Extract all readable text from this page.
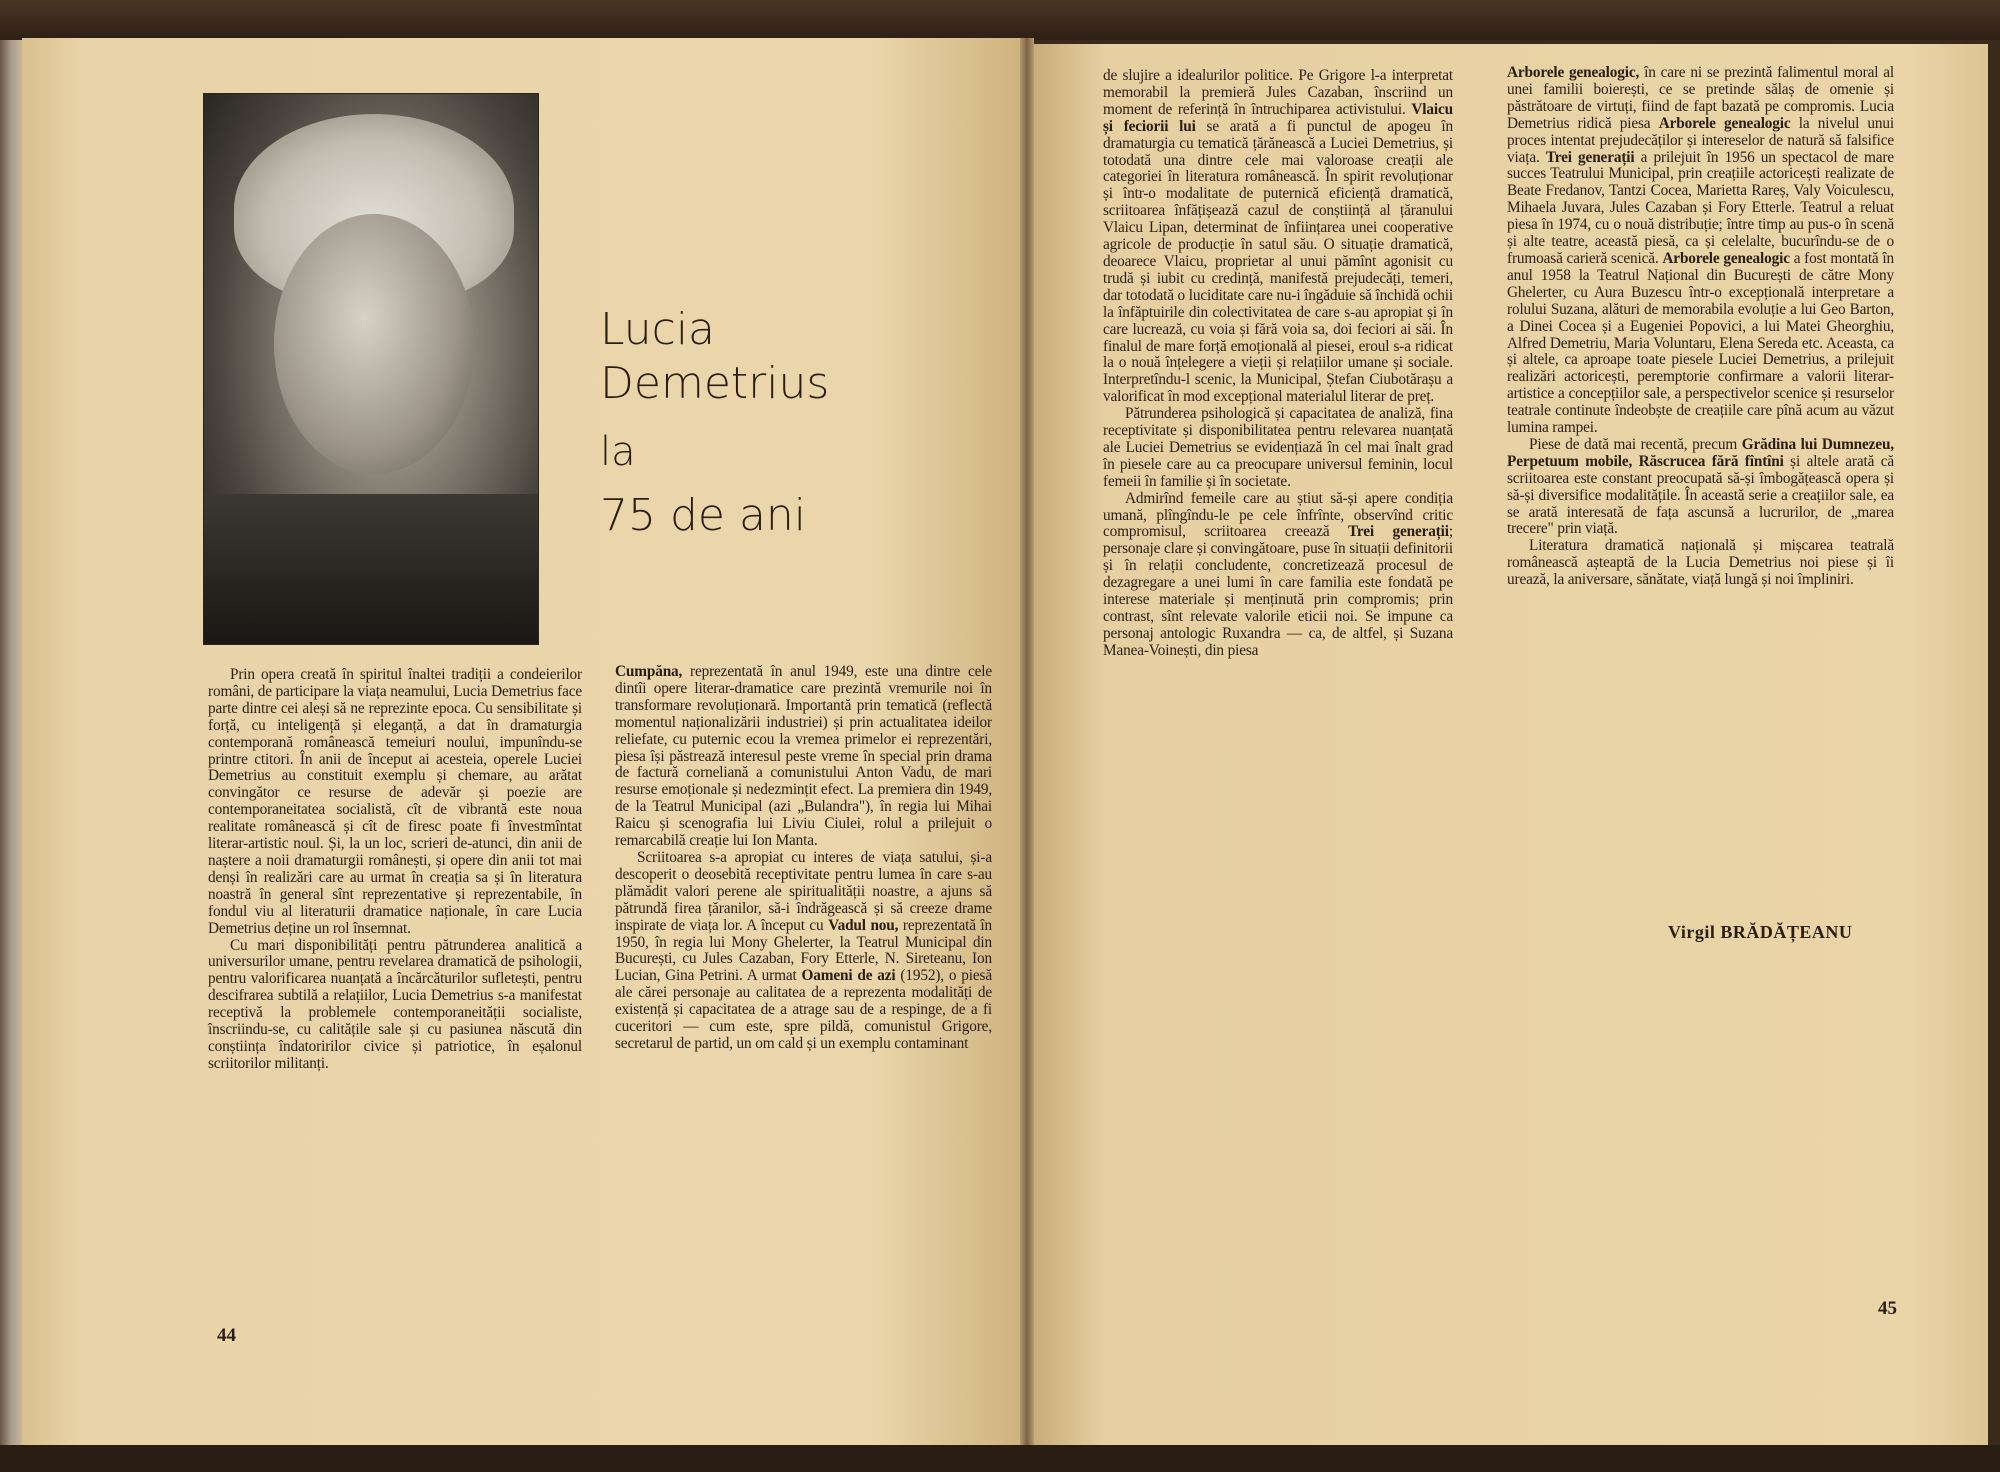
Lucia
Demetrius
la
75 de ani

Prin opera creată în spiritul înaltei tradiții a condeierilor români, de participare la viața neamului, Lucia Demetrius face parte dintre cei aleși să ne reprezinte epoca. Cu sensibilitate și forță, cu inteligență și eleganță, a dat în dramaturgia contemporană românească temeiuri noului, impunîndu-se printre ctitori. În anii de început ai acesteia, operele Luciei Demetrius au constituit exemplu și chemare, au arătat convingător ce resurse de adevăr și poezie are contemporaneitatea socialistă, cît de vibrantă este noua realitate românească și cît de firesc poate fi învestmîntat literar-artistic noul. Și, la un loc, scrieri de-atunci, din anii de naștere a noii dramaturgii românești, și opere din anii tot mai denși în realizări care au urmat în creația sa și în literatura noastră în general sînt reprezentative și reprezentabile, în fondul viu al literaturii dramatice naționale, în care Lucia Demetrius deține un rol însemnat.

Cu mari disponibilități pentru pătrunderea analitică a universurilor umane, pentru revelarea dramatică de psihologii, pentru valorificarea nuanțată a încărcăturilor sufletești, pentru descifrarea subtilă a relațiilor, Lucia Demetrius s-a manifestat receptivă la problemele contemporaneității socialiste, înscriindu-se, cu calitățile sale și cu pasiunea născută din conștiința îndatoririlor civice și patriotice, în eșalonul scriitorilor militanți.

Cumpăna, reprezentată în anul 1949, este una dintre cele dintîi opere literar-dramatice care prezintă vremurile noi în transformare revoluționară. Importantă prin tematică (reflectă momentul naționalizării industriei) și prin actualitatea ideilor reliefate, cu puternic ecou la vremea primelor ei reprezentări, piesa își păstrează interesul peste vreme în special prin drama de factură corneliană a comunistului Anton Vadu, de mari resurse emoționale și nedezmințit efect. La premiera din 1949, de la Teatrul Municipal (azi „Bulandra"), în regia lui Mihai Raicu și scenografia lui Liviu Ciulei, rolul a prilejuit o remarcabilă creație lui Ion Manta.

Scriitoarea s-a apropiat cu interes de viața satului, și-a descoperit o deosebită receptivitate pentru lumea în care s-au plămădit valori perene ale spiritualității noastre, a ajuns să pătrundă firea țăranilor, să-i îndrăgească și să creeze drame inspirate de viața lor. A început cu Vadul nou, reprezentată în 1950, în regia lui Mony Ghelerter, la Teatrul Municipal din București, cu Jules Cazaban, Fory Etterle, N. Sireteanu, Ion Lucian, Gina Petrini. A urmat Oameni de azi (1952), o piesă ale cărei personaje au calitatea de a reprezenta modalități de existență și capacitatea de a atrage sau de a respinge, de a fi cuceritori — cum este, spre pildă, comunistul Grigore, secretarul de partid, un om cald și un exemplu contaminant

44

de slujire a idealurilor politice. Pe Grigore l-a interpretat memorabil la premieră Jules Cazaban, înscriind un moment de referință în întruchiparea activistului. Vlaicu și feciorii lui se arată a fi punctul de apogeu în dramaturgia cu tematică țărănească a Luciei Demetrius, și totodată una dintre cele mai valoroase creații ale categoriei în literatura românească. În spirit revoluționar și într-o modalitate de puternică eficiență dramatică, scriitoarea înfățișează cazul de conștiință al țăranului Vlaicu Lipan, determinat de înființarea unei cooperative agricole de producție în satul său. O situație dramatică, deoarece Vlaicu, proprietar al unui pămînt agonisit cu trudă și iubit cu credință, manifestă prejudecăți, temeri, dar totodată o luciditate care nu-i îngăduie să închidă ochii la înfăptuirile din colectivitatea de care s-au apropiat și în care lucrează, cu voia și fără voia sa, doi feciori ai săi. În finalul de mare forță emoțională al piesei, eroul s-a ridicat la o nouă înțelegere a vieții și relațiilor umane și sociale. Interpretîndu-l scenic, la Municipal, Ștefan Ciubotărașu a valorificat în mod excepțional materialul literar de preț.

Pătrunderea psihologică și capacitatea de analiză, fina receptivitate și disponibilitatea pentru relevarea nuanțată ale Luciei Demetrius se evidențiază în cel mai înalt grad în piesele care au ca preocupare universul feminin, locul femeii în familie și în societate.

Admirînd femeile care au știut să-și apere condiția umană, plîngîndu-le pe cele înfrînte, observînd critic compromisul, scriitoarea creează Trei generații; personaje clare și convingătoare, puse în situații definitorii și în relații concludente, concretizează procesul de dezagregare a unei lumi în care familia este fondată pe interese materiale și menținută prin compromis; prin contrast, sînt relevate valorile eticii noi. Se impune ca personaj antologic Ruxandra — ca, de altfel, și Suzana Manea-Voinești, din piesa

Arborele genealogic, în care ni se prezintă falimentul moral al unei familii boierești, ce se pretinde sălaș de omenie și păstrătoare de virtuți, fiind de fapt bazată pe compromis. Lucia Demetrius ridică piesa Arborele genealogic la nivelul unui proces intentat prejudecăților și intereselor de natură să falsifice viața. Trei generații a prilejuit în 1956 un spectacol de mare succes Teatrului Municipal, prin creațiile actoricești realizate de Beate Fredanov, Tantzi Cocea, Marietta Rareș, Valy Voiculescu, Mihaela Juvara, Jules Cazaban și Fory Etterle. Teatrul a reluat piesa în 1974, cu o nouă distribuție; între timp au pus-o în scenă și alte teatre, această piesă, ca și celelalte, bucurîndu-se de o frumoasă carieră scenică. Arborele genealogic a fost montată în anul 1958 la Teatrul Național din București de către Mony Ghelerter, cu Aura Buzescu într-o excepțională interpretare a rolului Suzana, alături de memorabila evoluție a lui Geo Barton, a Dinei Cocea și a Eugeniei Popovici, a lui Matei Gheorghiu, Alfred Demetriu, Maria Voluntaru, Elena Sereda etc. Aceasta, ca și altele, ca aproape toate piesele Luciei Demetrius, a prilejuit realizări actoricești, peremptorie confirmare a valorii literar-artistice a concepțiilor sale, a perspectivelor scenice și resurselor teatrale continute îndeobște de creațiile care pînă acum au văzut lumina rampei.

Piese de dată mai recentă, precum Grădina lui Dumnezeu, Perpetuum mobile, Răscrucea fără fîntîni și altele arată că scriitoarea este constant preocupată să-și îmbogățească opera și să-și diversifice modalitățile. În această serie a creațiilor sale, ea se arată interesată de fața ascunsă a lucrurilor, de „marea trecere" prin viață.

Literatura dramatică națională și mișcarea teatrală românească așteaptă de la Lucia Demetrius noi piese și îi urează, la aniversare, sănătate, viață lungă și noi împliniri.

Virgil BRĂDĂȚEANU
45
